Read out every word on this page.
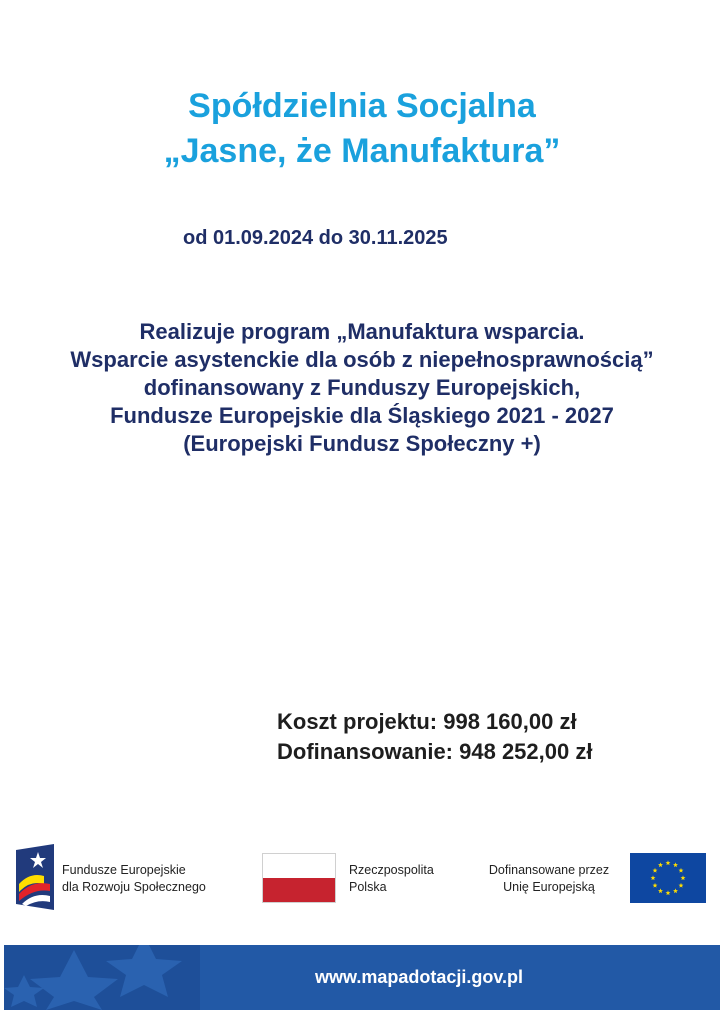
Spółdzielnia Socjalna
„Jasne, że Manufaktura”
od 01.09.2024 do 30.11.2025
Realizuje program „Manufaktura wsparcia.
Wsparcie asystenckie dla osób z niepełnosprawnością”
dofinansowany z Funduszy Europejskich,
Fundusze Europejskie dla Śląskiego 2021 - 2027
(Europejski Fundusz Społeczny +)
Koszt projektu: 998 160,00 zł
Dofinansowanie: 948 252,00 zł
Fundusze Europejskie
dla Rozwoju Społecznego
Rzeczpospolita
Polska
Dofinansowane przez
Unię Europejską
www.mapadotacji.gov.pl
